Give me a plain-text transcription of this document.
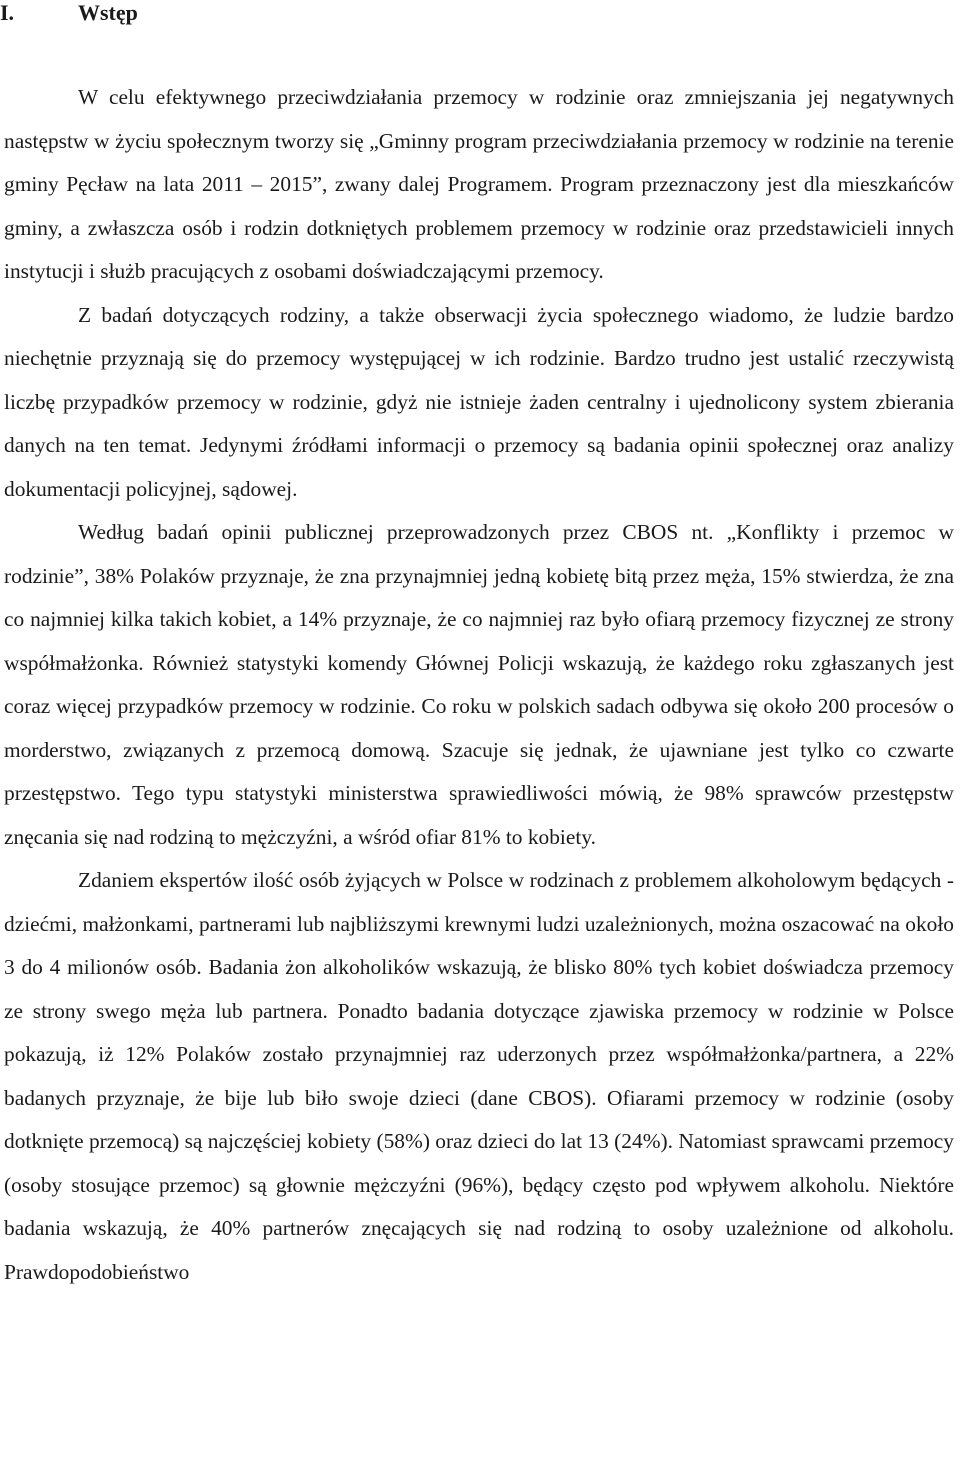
I.	Wstęp

W celu efektywnego przeciwdziałania przemocy w rodzinie oraz zmniejszania jej negatywnych następstw w życiu społecznym tworzy się „Gminny program przeciwdziałania przemocy w rodzinie na terenie gminy Pęcław na lata 2011 – 2015”, zwany dalej Programem. Program przeznaczony jest dla mieszkańców gminy, a zwłaszcza osób i rodzin dotkniętych problemem przemocy w rodzinie oraz przedstawicieli innych instytucji i służb pracujących z osobami doświadczającymi przemocy.

Z badań dotyczących rodziny, a także obserwacji życia społecznego wiadomo, że ludzie bardzo niechętnie przyznają się do przemocy występującej w ich rodzinie. Bardzo trudno jest ustalić rzeczywistą liczbę przypadków przemocy w rodzinie, gdyż nie istnieje żaden centralny i ujednolicony system zbierania danych na ten temat. Jedynymi źródłami informacji o przemocy są badania opinii społecznej oraz analizy dokumentacji policyjnej, sądowej.

Według badań opinii publicznej przeprowadzonych przez CBOS nt. „Konflikty i przemoc w rodzinie”, 38% Polaków przyznaje, że zna przynajmniej jedną kobietę bitą przez męża, 15% stwierdza, że zna co najmniej kilka takich kobiet, a 14% przyznaje, że co najmniej raz było ofiarą przemocy fizycznej ze strony współmałżonka. Również statystyki komendy Głównej Policji wskazują, że każdego roku zgłaszanych jest coraz więcej przypadków przemocy w rodzinie. Co roku w polskich sadach odbywa się około 200 procesów o morderstwo, związanych z przemocą domową. Szacuje się jednak, że ujawniane jest tylko co czwarte przestępstwo. Tego typu statystyki ministerstwa sprawiedliwości mówią, że 98% sprawców przestępstw znęcania się nad rodziną to mężczyźni, a wśród ofiar 81% to kobiety.

Zdaniem ekspertów ilość osób żyjących w Polsce w rodzinach z problemem alkoholowym będących - dziećmi, małżonkami, partnerami lub najbliższymi krewnymi ludzi uzależnionych, można oszacować na około 3 do 4 milionów osób. Badania żon alkoholików wskazują, że blisko 80% tych kobiet doświadcza przemocy ze strony swego męża lub partnera. Ponadto badania dotyczące zjawiska przemocy w rodzinie w Polsce pokazują, iż 12% Polaków zostało przynajmniej raz uderzonych przez współmałżonka/partnera, a 22% badanych przyznaje, że bije lub biło swoje dzieci (dane CBOS). Ofiarami przemocy w rodzinie (osoby dotknięte przemocą) są najczęściej kobiety (58%) oraz dzieci do lat 13 (24%). Natomiast sprawcami przemocy (osoby stosujące przemoc) są głownie mężczyźni (96%), będący często pod wpływem alkoholu. Niektóre badania wskazują, że 40% partnerów znęcających się nad rodziną to osoby uzależnione od alkoholu. Prawdopodobieństwo
